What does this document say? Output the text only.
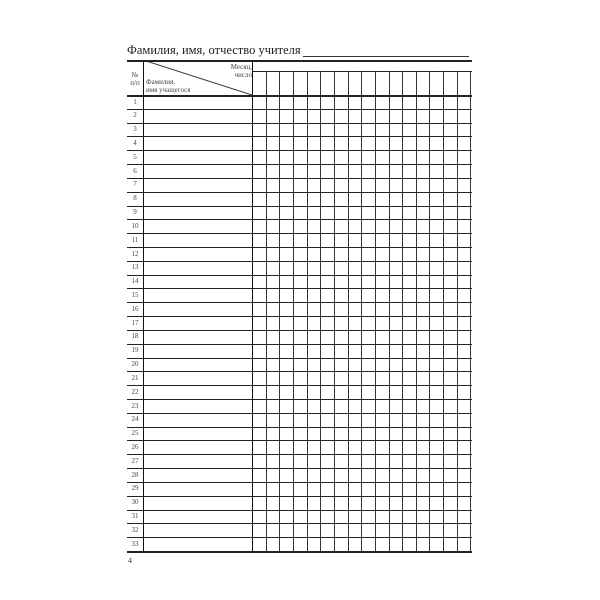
Фамилия, имя, отчество учителя
№
п/п
Месяц,
число
Фамилия,
имя учащегося
1
2
3
4
5
6
7
8
9
10
11
12
13
14
15
16
17
18
19
20
21
22
23
24
25
26
27
28
29
30
31
32
33
4
